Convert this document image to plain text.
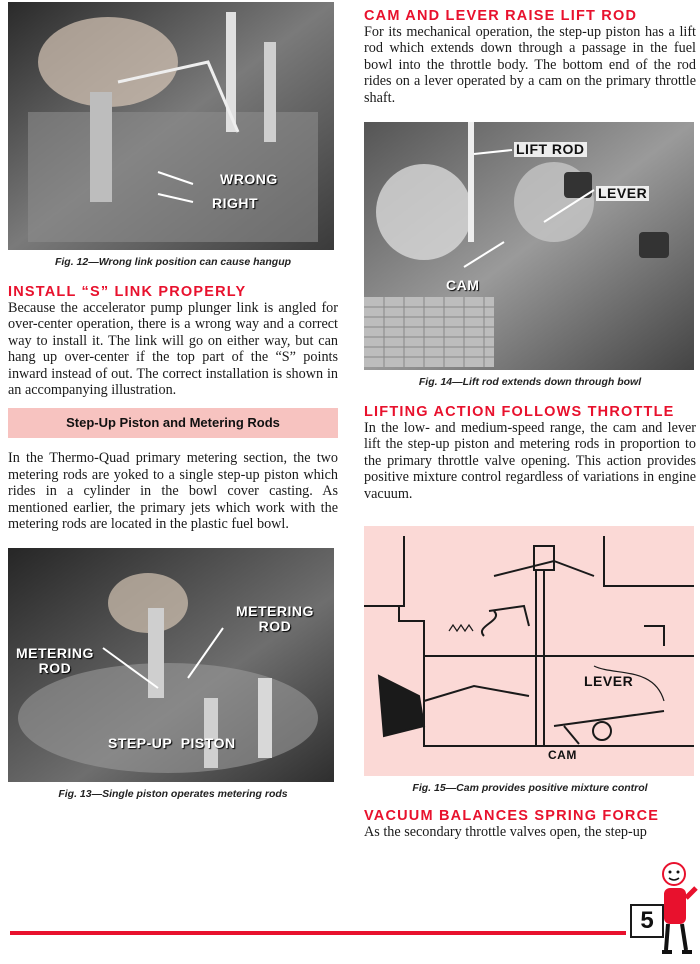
WRONG
RIGHT

Fig. 12—Wrong link position can cause hangup

INSTALL “S” LINK PROPERLY

Because the accelerator pump plunger link is angled for over-center operation, there is a wrong way and a correct way to install it. The link will go on either way, but can hang up over-center if the top part of the “S” points inward instead of out. The correct installation is shown in an accompanying illustration.

Step-Up Piston and Metering Rods

In the Thermo-Quad primary metering section, the two metering rods are yoked to a single step-up piston which rides in a cylinder in the bowl cover casting. As mentioned earlier, the primary jets which work with the metering rods are located in the plastic fuel bowl.

METERING
ROD
METERING
ROD
STEP-UP  PISTON

Fig. 13—Single piston operates metering rods

CAM AND LEVER RAISE LIFT ROD

For its mechanical operation, the step-up piston has a lift rod which extends down through a passage in the fuel bowl into the throttle body. The bottom end of the rod rides on a lever operated by a cam on the primary throttle shaft.

LIFT ROD
LEVER
CAM

Fig. 14—Lift rod extends down through bowl

LIFTING ACTION FOLLOWS THROTTLE

In the low- and medium-speed range, the cam and lever lift the step-up piston and metering rods in proportion to the primary throttle valve opening. This action provides positive mixture control regardless of variations in engine vacuum.

LEVER
CAM

Fig. 15—Cam provides positive mixture control

VACUUM BALANCES SPRING FORCE

As the secondary throttle valves open, the step-up

5
